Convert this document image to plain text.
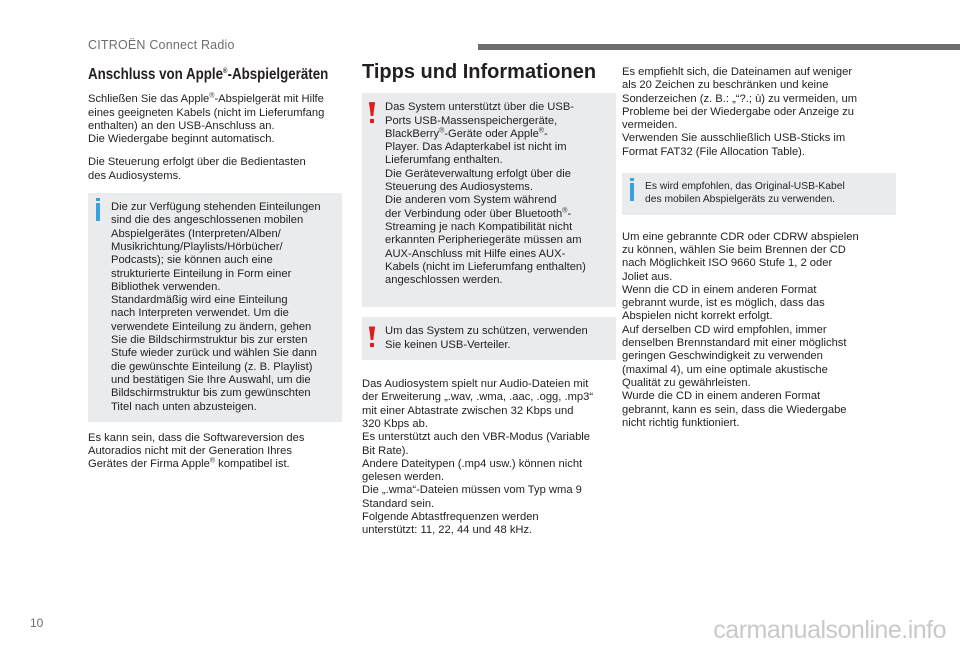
CITROËN Connect Radio
Anschluss von Apple®-Abspielgeräten

Schließen Sie das Apple®-Abspielgerät mit Hilfe
eines geeigneten Kabels (nicht im Lieferumfang
enthalten) an den USB-Anschluss an.
Die Wiedergabe beginnt automatisch.

Die Steuerung erfolgt über die Bedientasten
des Audiosystems.

Die zur Verfügung stehenden Einteilungen
sind die des angeschlossenen mobilen
Abspielgerätes (Interpreten/Alben/
Musikrichtung/Playlists/Hörbücher/
Podcasts); sie können auch eine
strukturierte Einteilung in Form einer
Bibliothek verwenden.
Standardmäßig wird eine Einteilung
nach Interpreten verwendet. Um die
verwendete Einteilung zu ändern, gehen
Sie die Bildschirmstruktur bis zur ersten
Stufe wieder zurück und wählen Sie dann
die gewünschte Einteilung (z. B. Playlist)
und bestätigen Sie Ihre Auswahl, um die
Bildschirmstruktur bis zum gewünschten
Titel nach unten abzusteigen.

Es kann sein, dass die Softwareversion des
Autoradios nicht mit der Generation Ihres
Gerätes der Firma Apple® kompatibel ist.

Tipps und Informationen
Das System unterstützt über die USB-
Ports USB-Massenspeichergeräte,
BlackBerry®-Geräte oder Apple®-
Player. Das Adapterkabel ist nicht im
Lieferumfang enthalten.
Die Geräteverwaltung erfolgt über die
Steuerung des Audiosystems.
Die anderen vom System während
der Verbindung oder über Bluetooth®-
Streaming je nach Kompatibilität nicht
erkannten Peripheriegeräte müssen am
AUX-Anschluss mit Hilfe eines AUX-
Kabels (nicht im Lieferumfang enthalten)
angeschlossen werden.
Um das System zu schützen, verwenden
Sie keinen USB-Verteiler.

Das Audiosystem spielt nur Audio-Dateien mit
der Erweiterung „.wav, .wma, .aac, .ogg, .mp3“
mit einer Abtastrate zwischen 32 Kbps und
320 Kbps ab.
Es unterstützt auch den VBR-Modus (Variable
Bit Rate).
Andere Dateitypen (.mp4 usw.) können nicht
gelesen werden.
Die „.wma“-Dateien müssen vom Typ wma 9
Standard sein.
Folgende Abtastfrequenzen werden
unterstützt: 11, 22, 44 und 48 kHz.

Es empfiehlt sich, die Dateinamen auf weniger
als 20 Zeichen zu beschränken und keine
Sonderzeichen (z. B.: „“?.; ù) zu vermeiden, um
Probleme bei der Wiedergabe oder Anzeige zu
vermeiden.
Verwenden Sie ausschließlich USB-Sticks im
Format FAT32 (File Allocation Table).

Es wird empfohlen, das Original-USB-Kabel
des mobilen Abspielgeräts zu verwenden.

Um eine gebrannte CDR oder CDRW abspielen
zu können, wählen Sie beim Brennen der CD
nach Möglichkeit ISO 9660 Stufe 1, 2 oder
Joliet aus.
Wenn die CD in einem anderen Format
gebrannt wurde, ist es möglich, dass das
Abspielen nicht korrekt erfolgt.
Auf derselben CD wird empfohlen, immer
denselben Brennstandard mit einer möglichst
geringen Geschwindigkeit zu verwenden
(maximal 4), um eine optimale akustische
Qualität zu gewährleisten.
Wurde die CD in einem anderen Format
gebrannt, kann es sein, dass die Wiedergabe
nicht richtig funktioniert.

10	carmanualsonline.info
